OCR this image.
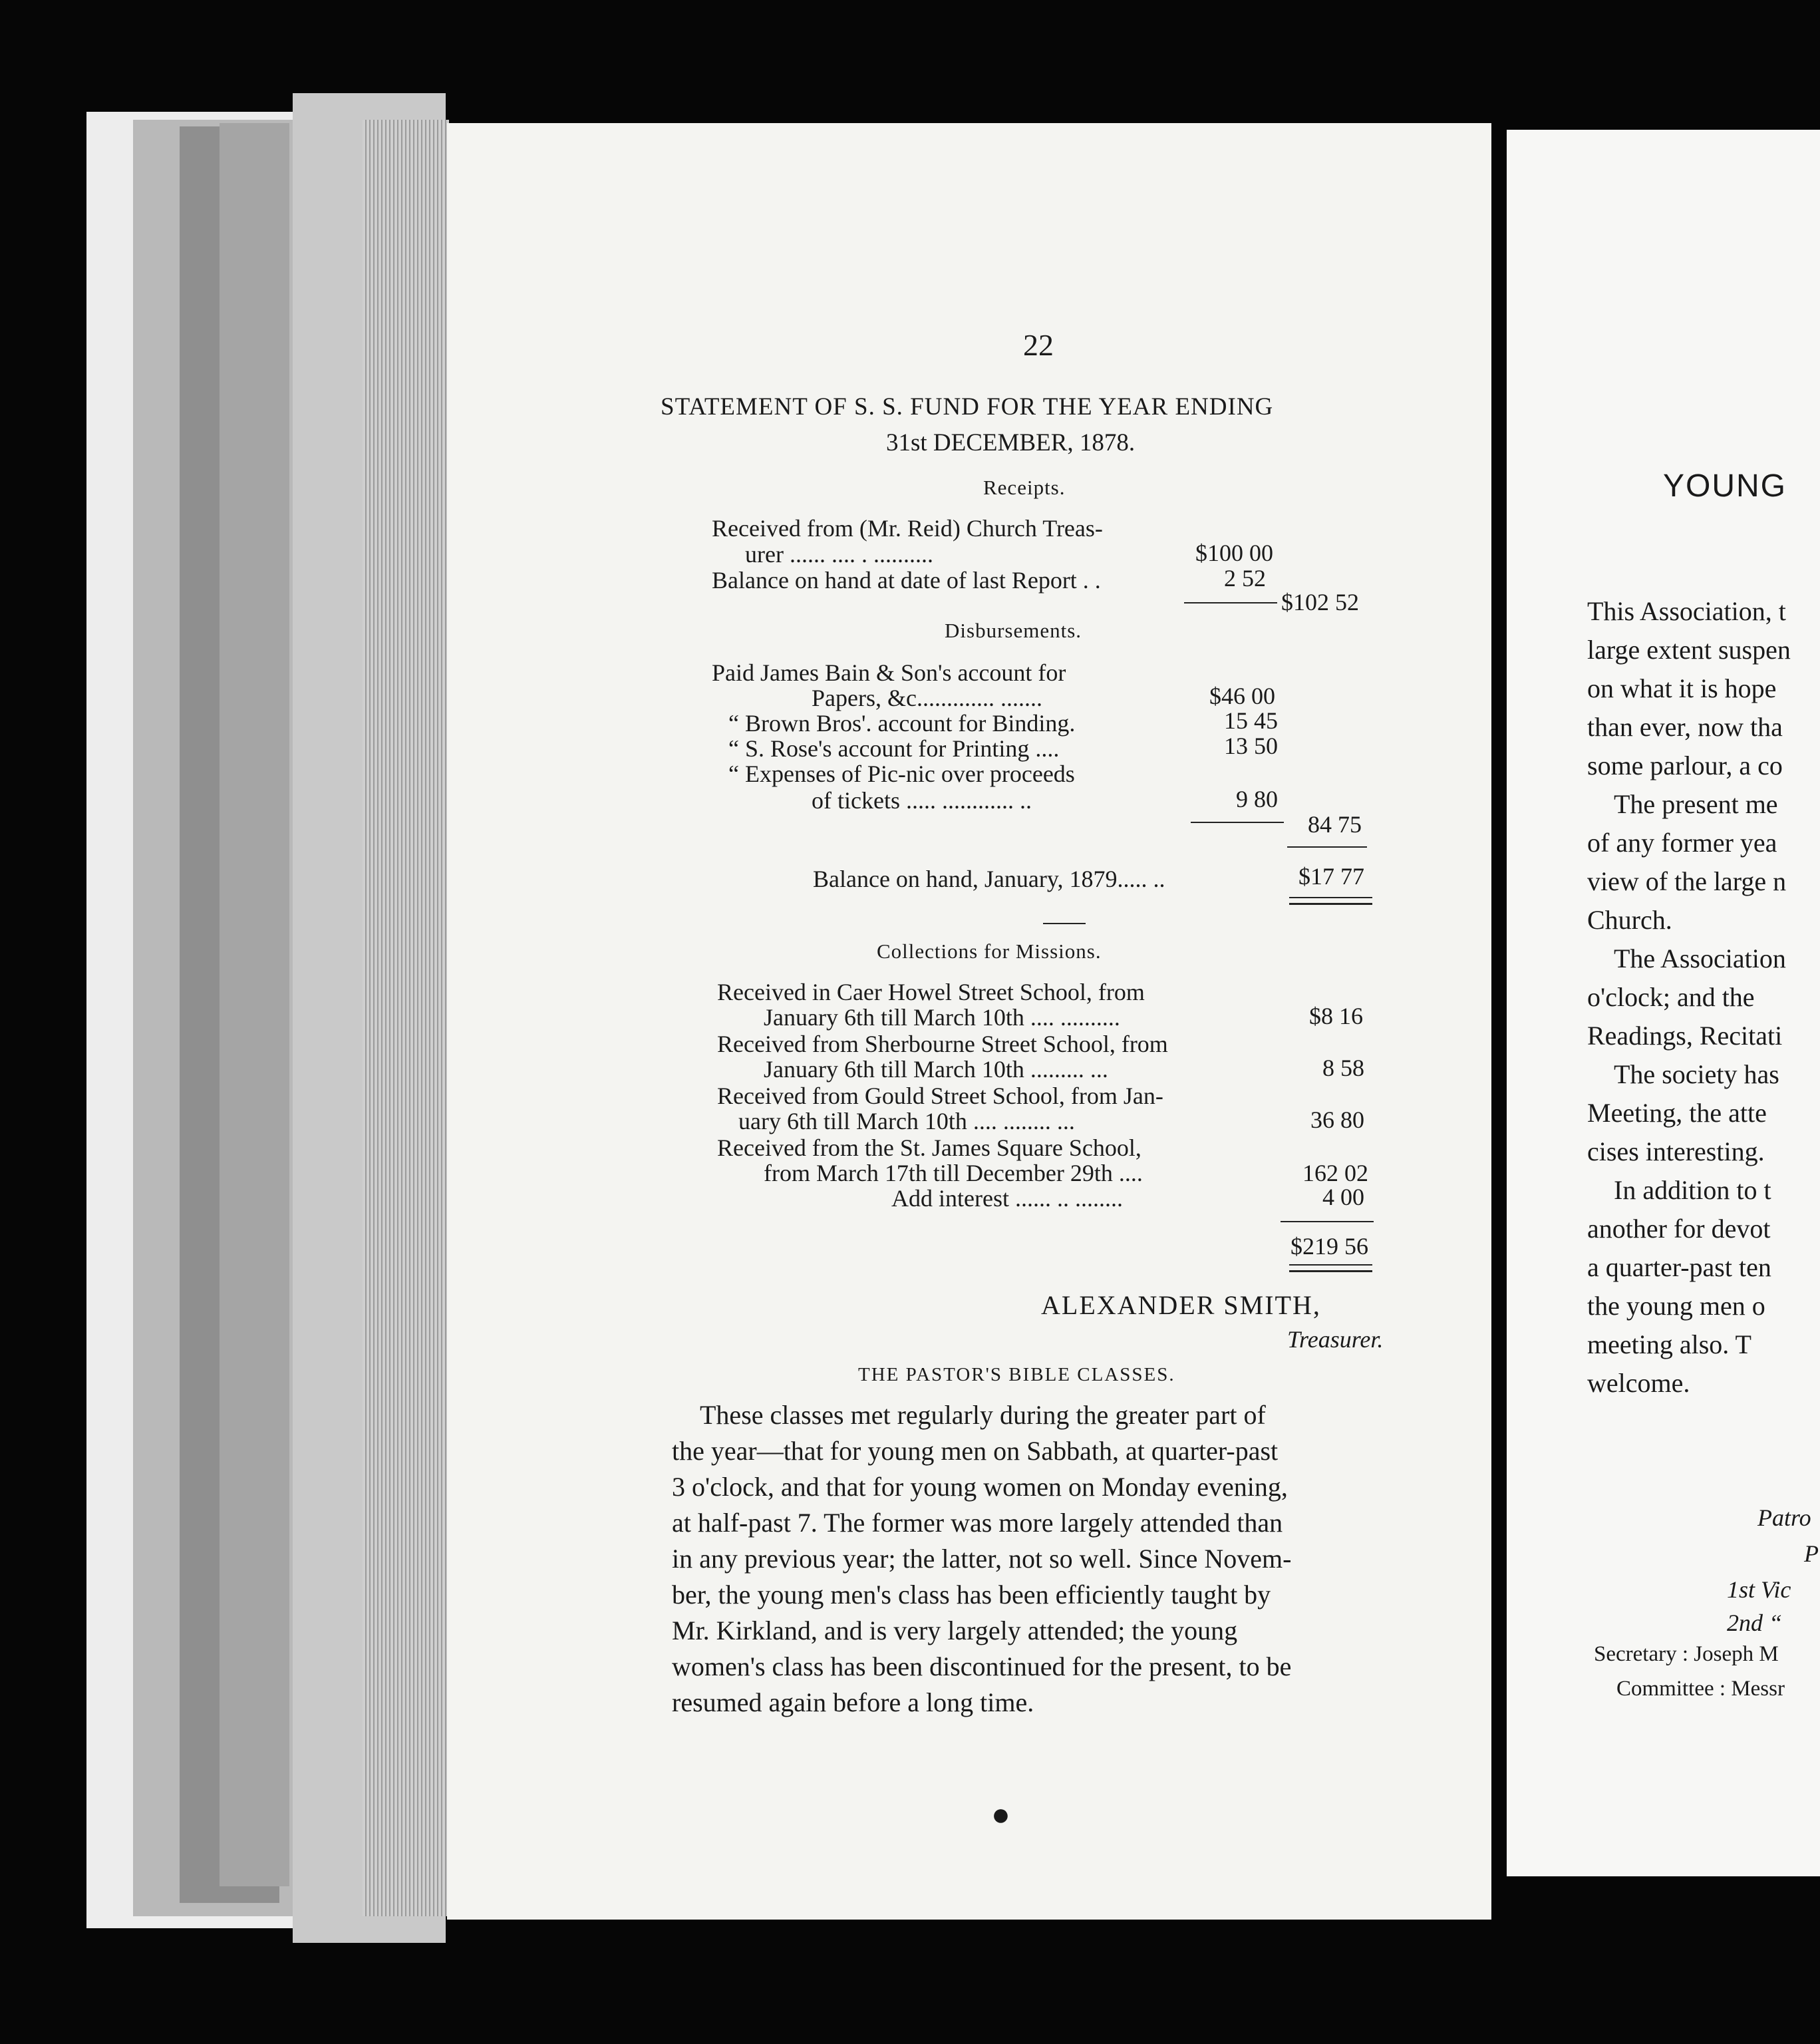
22
STATEMENT OF S. S. FUND FOR THE YEAR ENDING
31st DECEMBER, 1878.
Receipts.
Received from (Mr. Reid) Church Treas-
urer ...... .... . ..........	$100 00
Balance on hand at date of last Report . .	2 52
$102 52
Disbursements.
Paid James Bain & Son's account for
Papers, &c............. .......	$46 00
“ Brown Bros'. account for Binding.	15 45
“ S. Rose's account for Printing ....	13 50
“ Expenses of Pic-nic over proceeds
of tickets ..... ............ ..	9 80
84 75
Balance on hand, January, 1879..... ..	$17 77
Collections for Missions.
Received in Caer Howel Street School, from
January 6th till March 10th .... ..........	$8 16
Received from Sherbourne Street School, from
January 6th till March 10th ......... ...	8 58
Received from Gould Street School, from Jan-
uary 6th till March 10th .... ........ ...	36 80
Received from the St. James Square School,
from March 17th till December 29th ....	162 02
Add interest ...... .. ........	4 00
$219 56
ALEXANDER SMITH,
Treasurer.
THE PASTOR'S BIBLE CLASSES.
These classes met regularly during the greater part of
the year—that for young men on Sabbath, at quarter-past
3 o'clock, and that for young women on Monday evening,
at half-past 7. The former was more largely attended than
in any previous year; the latter, not so well. Since Novem-
ber, the young men's class has been efficiently taught by
Mr. Kirkland, and is very largely attended; the young
women's class has been discontinued for the present, to be
resumed again before a long time.
●
YOUNG
This Association, t
large extent suspen
on what it is hope
than ever, now tha
some parlour, a co
The present me
of any former yea
view of the large n
Church.
The Association
o'clock; and the
Readings, Recitati
The society has
Meeting, the atte
cises interesting.
In addition to t
another for devot
a quarter-past ten
the young men o
meeting also. T
welcome.
Patro
P
1st Vic
2nd “
Secretary : Joseph M
Committee : Messr
